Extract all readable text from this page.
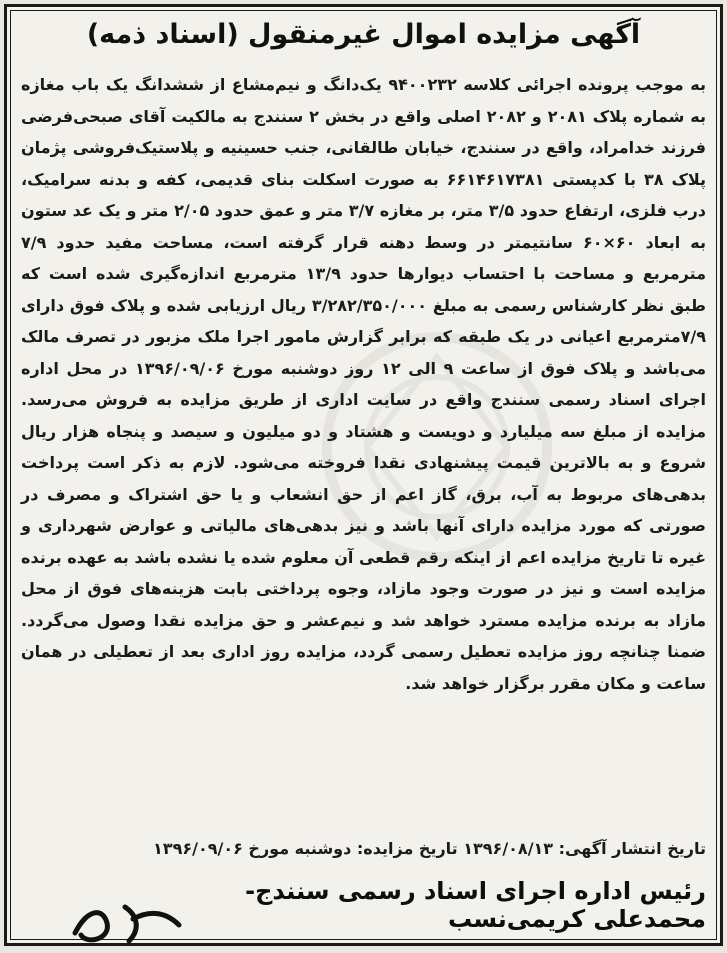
آگهی مزایده اموال غیرمنقول (اسناد ذمه)
به موجب پرونده اجرائی کلاسه ۹۴۰۰۲۳۲ یک‌دانگ و نیم‌مشاع از ششدانگ یک باب مغازه به شماره پلاک ۲۰۸۱ و ۲۰۸۲ اصلی واقع در بخش ۲ سنندج به مالکیت آقای صبحی‌فرضی فرزند خدامراد، واقع در سنندج، خیابان طالقانی، جنب حسینیه و پلاستیک‌فروشی پژمان پلاک ۳۸ با کدپستی ۶۶۱۴۶۱۷۳۸۱ به صورت اسکلت بنای قدیمی، کفه و بدنه سرامیک، درب فلزی، ارتفاع حدود ۳/۵ متر، بر مغازه ۳/۷ متر و عمق حدود ۲/۰۵ متر و یک عد ستون به ابعاد ۶۰×۶۰ سانتیمتر در وسط دهنه قرار گرفته است، مساحت مفید حدود ۷/۹ مترمربع و مساحت با احتساب دیوارها حدود ۱۳/۹ مترمربع اندازه‌گیری شده است که طبق نظر کارشناس رسمی به مبلغ ۳/۲۸۲/۳۵۰/۰۰۰ ریال ارزیابی شده و پلاک فوق دارای ۷/۹مترمربع اعیانی در یک طبقه که برابر گزارش مامور اجرا ملک مزبور در تصرف مالک می‌باشد و پلاک فوق از ساعت ۹ الی ۱۲ روز دوشنبه مورخ ۱۳۹۶/۰۹/۰۶ در محل اداره اجرای اسناد رسمی سنندج واقع در سایت اداری از طریق مزایده به فروش می‌رسد. مزایده از مبلغ سه میلیارد و دویست و هشتاد و دو میلیون و سیصد و پنجاه هزار ریال شروع و به بالاترین قیمت پیشنهادی نقدا فروخته می‌شود. لازم به ذکر است پرداخت بدهی‌های مربوط به آب، برق، گاز اعم از حق انشعاب و یا حق اشتراک و مصرف در صورتی که مورد مزایده دارای آنها باشد و نیز بدهی‌های مالیاتی و عوارض شهرداری و غیره تا تاریخ مزایده اعم از اینکه رقم قطعی آن معلوم شده یا نشده باشد به عهده برنده مزایده است و نیز در صورت وجود مازاد، وجوه پرداختی بابت هزینه‌های فوق از محل مازاد به برنده مزایده مسترد خواهد شد و نیم‌عشر و حق مزایده نقدا وصول می‌گردد. ضمنا چنانچه روز مزایده تعطیل رسمی گردد، مزایده روز اداری بعد از تعطیلی در همان ساعت و مکان مقرر برگزار خواهد شد.
تاریخ انتشار آگهی: ۱۳۹۶/۰۸/۱۳ تاریخ مزایده: دوشنبه مورخ ۱۳۹۶/۰۹/۰۶
رئیس اداره اجرای اسناد رسمی سنندج- محمدعلی کریمی‌نسب
